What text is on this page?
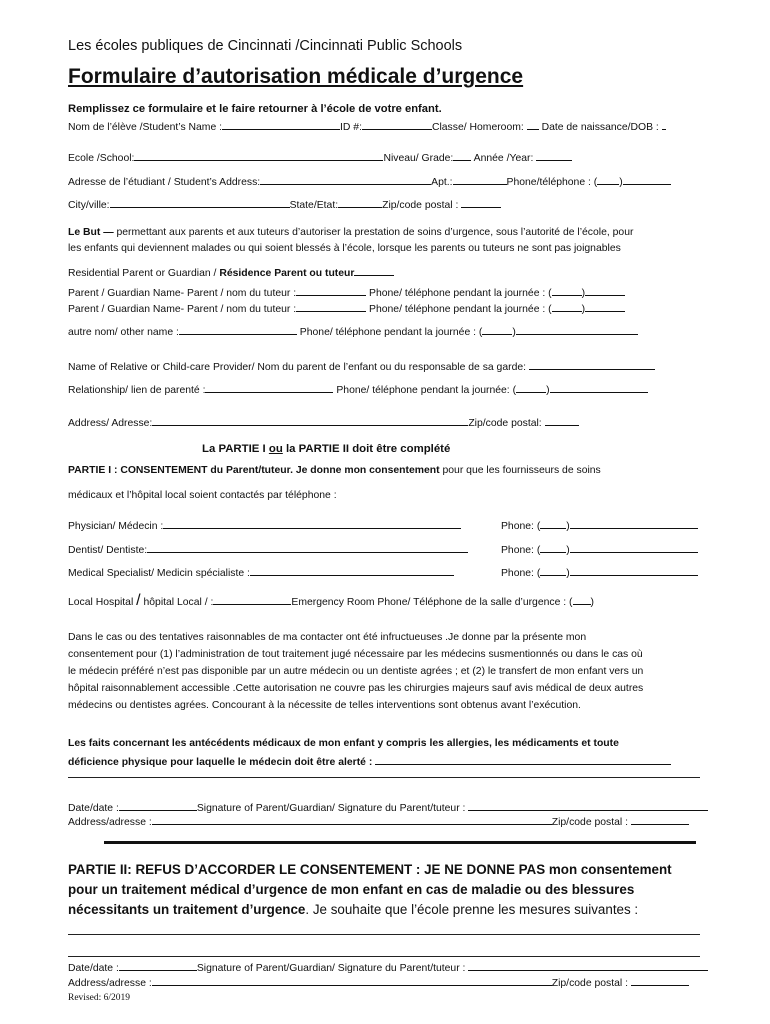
Les écoles publiques de Cincinnati /Cincinnati Public Schools
Formulaire d’autorisation médicale d’urgence
Remplissez ce formulaire et le faire retourner à l’école de votre enfant.
Nom de l’élève /Student’s Name :	ID #:	Classe/ Homeroom: Date de naissance/DOB :
Ecole /School:	Niveau/ Grade: Année /Year:
Adresse de l’étudiant / Student’s Address:	Apt.:	Phone/téléphone : ( )
City/ville:	State/Etat:	Zip/code postal :
Le But — permettant aux parents et aux tuteurs d’autoriser la prestation de soins d’urgence, sous l’autorité de l’école, pour
les enfants qui deviennent malades ou qui soient blessés à l’école, lorsque les parents ou tuteurs ne sont pas joignables
Residential Parent or Guardian / Résidence Parent ou tuteur
Parent / Guardian Name- Parent / nom du tuteur :	Phone/ téléphone pendant la journée : (	)
Parent / Guardian Name- Parent / nom du tuteur :	Phone/ téléphone pendant la journée : (	)
autre nom/ other name :	Phone/ téléphone pendant la journée : (	)
Name of Relative or Child-care Provider/ Nom du parent de l’enfant ou du responsable de sa garde:
Relationship/ lien de parenté :	Phone/ téléphone pendant la journée: (	)
Address/ Adresse:	Zip/code postal:
La PARTIE I ou la PARTIE II doit être complété
PARTIE I : CONSENTEMENT du Parent/tuteur. Je donne mon consentement pour que les fournisseurs de soins
médicaux et l’hôpital local soient contactés par téléphone :
Physician/ Médecin :	Phone: (	)
Dentist/ Dentiste:	Phone: (	)
Medical Specialist/ Medicin spécialiste :	Phone: (	)
Local Hospital / hôpital Local / :	Emergency Room Phone/ Téléphone de la salle d’urgence : ( )
Dans le cas ou des tentatives raisonnables de ma contacter ont été infructueuses .Je donne par la présente mon
consentement pour (1) l’administration de tout traitement jugé nécessaire par les médecins susmentionnés ou dans le cas où
le médecin préféré n’est pas disponible par un autre médecin ou un dentiste agrées ; et (2) le transfert de mon enfant vers un
hôpital raisonnablement accessible .Cette autorisation ne couvre pas les chirurgies majeurs sauf avis médical de deux autres
médecins ou dentistes agrées. Concourant à la nécessite de telles interventions sont obtenus avant l’exécution.
Les faits concernant les antécédents médicaux de mon enfant y compris les allergies, les médicaments et toute
déficience physique pour laquelle le médecin doit être alerté :
Date/date :	Signature of Parent/Guardian/ Signature du Parent/tuteur :
Address/adresse :	Zip/code postal :
PARTIE II: REFUS D’ACCORDER LE CONSENTEMENT : JE NE DONNE PAS mon consentement
pour un traitement médical d’urgence de mon enfant en cas de maladie ou des blessures
nécessitants un traitement d’urgence. Je souhaite que l’école prenne les mesures suivantes :
Date/date :	Signature of Parent/Guardian/ Signature du Parent/tuteur :
Address/adresse :	Zip/code postal :
Revised: 6/2019
